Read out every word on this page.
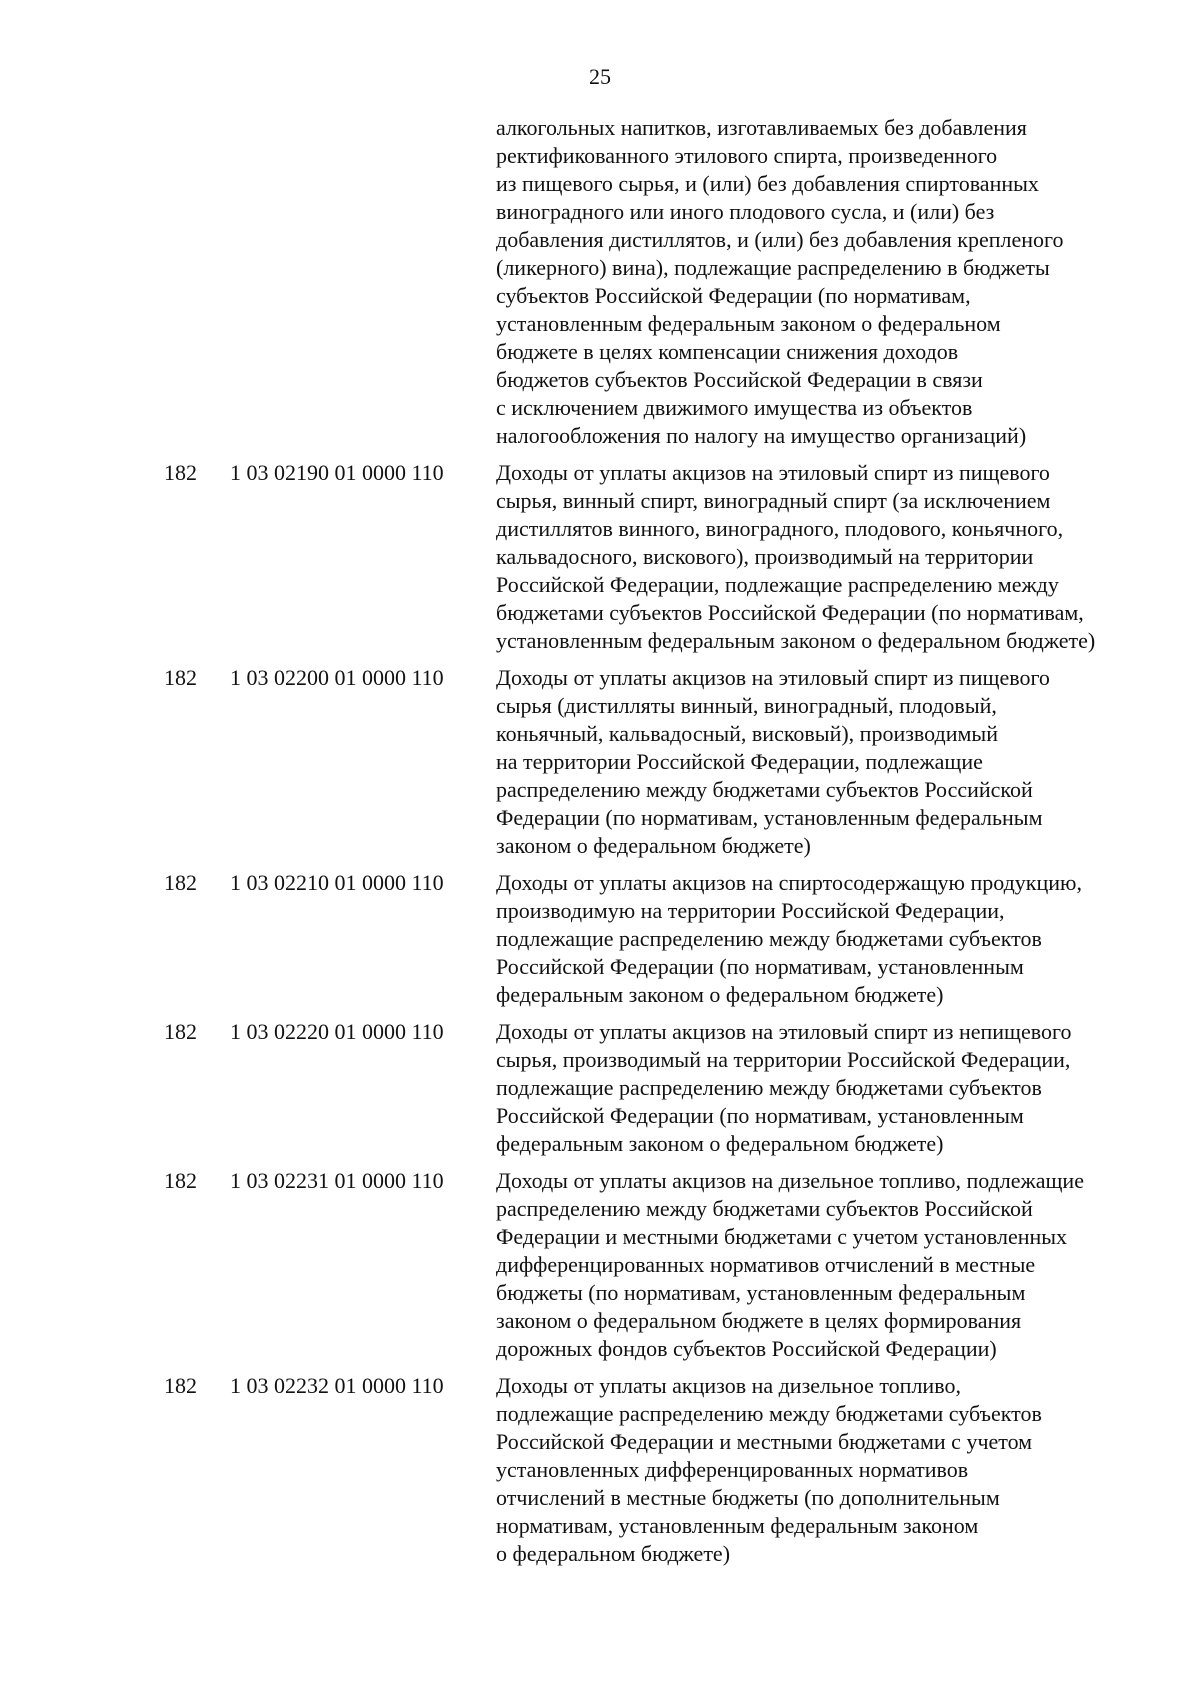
25
алкогольных напитков, изготавливаемых без добавления
ректификованного этилового спирта, произведенного
из пищевого сырья, и (или) без добавления спиртованных
виноградного или иного плодового сусла, и (или) без
добавления дистиллятов, и (или) без добавления крепленого
(ликерного) вина), подлежащие распределению в бюджеты
субъектов Российской Федерации (по нормативам,
установленным федеральным законом о федеральном
бюджете в целях компенсации снижения доходов
бюджетов субъектов Российской Федерации в связи
с исключением движимого имущества из объектов
налогообложения по налогу на имущество организаций)
182	1 03 02190 01 0000 110	Доходы от уплаты акцизов на этиловый спирт из пищевого
сырья, винный спирт, виноградный спирт (за исключением
дистиллятов винного, виноградного, плодового, коньячного,
кальвадосного, вискового), производимый на территории
Российской Федерации, подлежащие распределению между
бюджетами субъектов Российской Федерации (по нормативам,
установленным федеральным законом о федеральном бюджете)
182	1 03 02200 01 0000 110	Доходы от уплаты акцизов на этиловый спирт из пищевого
сырья (дистилляты винный, виноградный, плодовый,
коньячный, кальвадосный, висковый), производимый
на территории Российской Федерации, подлежащие
распределению между бюджетами субъектов Российской
Федерации (по нормативам, установленным федеральным
законом о федеральном бюджете)
182	1 03 02210 01 0000 110	Доходы от уплаты акцизов на спиртосодержащую продукцию,
производимую на территории Российской Федерации,
подлежащие распределению между бюджетами субъектов
Российской Федерации (по нормативам, установленным
федеральным законом о федеральном бюджете)
182	1 03 02220 01 0000 110	Доходы от уплаты акцизов на этиловый спирт из непищевого
сырья, производимый на территории Российской Федерации,
подлежащие распределению между бюджетами субъектов
Российской Федерации (по нормативам, установленным
федеральным законом о федеральном бюджете)
182	1 03 02231 01 0000 110	Доходы от уплаты акцизов на дизельное топливо, подлежащие
распределению между бюджетами субъектов Российской
Федерации и местными бюджетами с учетом установленных
дифференцированных нормативов отчислений в местные
бюджеты (по нормативам, установленным федеральным
законом о федеральном бюджете в целях формирования
дорожных фондов субъектов Российской Федерации)
182	1 03 02232 01 0000 110	Доходы от уплаты акцизов на дизельное топливо,
подлежащие распределению между бюджетами субъектов
Российской Федерации и местными бюджетами с учетом
установленных дифференцированных нормативов
отчислений в местные бюджеты (по дополнительным
нормативам, установленным федеральным законом
о федеральном бюджете)
